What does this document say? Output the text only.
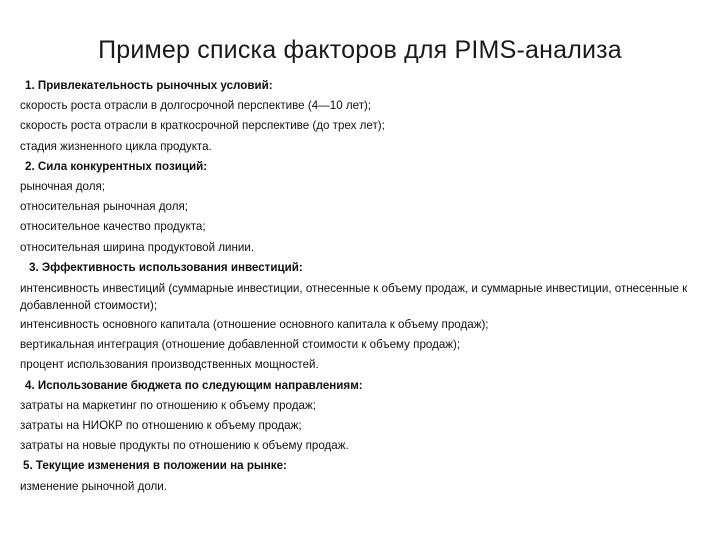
Пример списка факторов для PIMS-анализа

1. Привлекательность рыночных условий:

скорость роста отрасли в долгосрочной перспективе (4—10 лет);

скорость роста отрасли в краткосрочной перспективе (до трех лет);

стадия жизненного цикла продукта.

2. Сила конкурентных позиций:

рыночная доля;

относительная рыночная доля;

относительное качество продукта;

относительная ширина продуктовой линии.

3. Эффективность использования инвестиций:

интенсивность инвестиций (суммарные инвестиции, отнесенные к объему продаж, и суммарные инвестиции, отнесенные к добавленной стоимости);

интенсивность основного капитала (отношение основного капитала к объему продаж);

вертикальная интеграция (отношение добавленной стоимости к объему продаж);

процент использования производственных мощностей.

4. Использование бюджета по следующим направлениям:

затраты на маркетинг по отношению к объему продаж;

затраты на НИОКР по отношению к объему продаж;

затраты на новые продукты по отношению к объему продаж.

5. Текущие изменения в положении на рынке:

изменение рыночной доли.
